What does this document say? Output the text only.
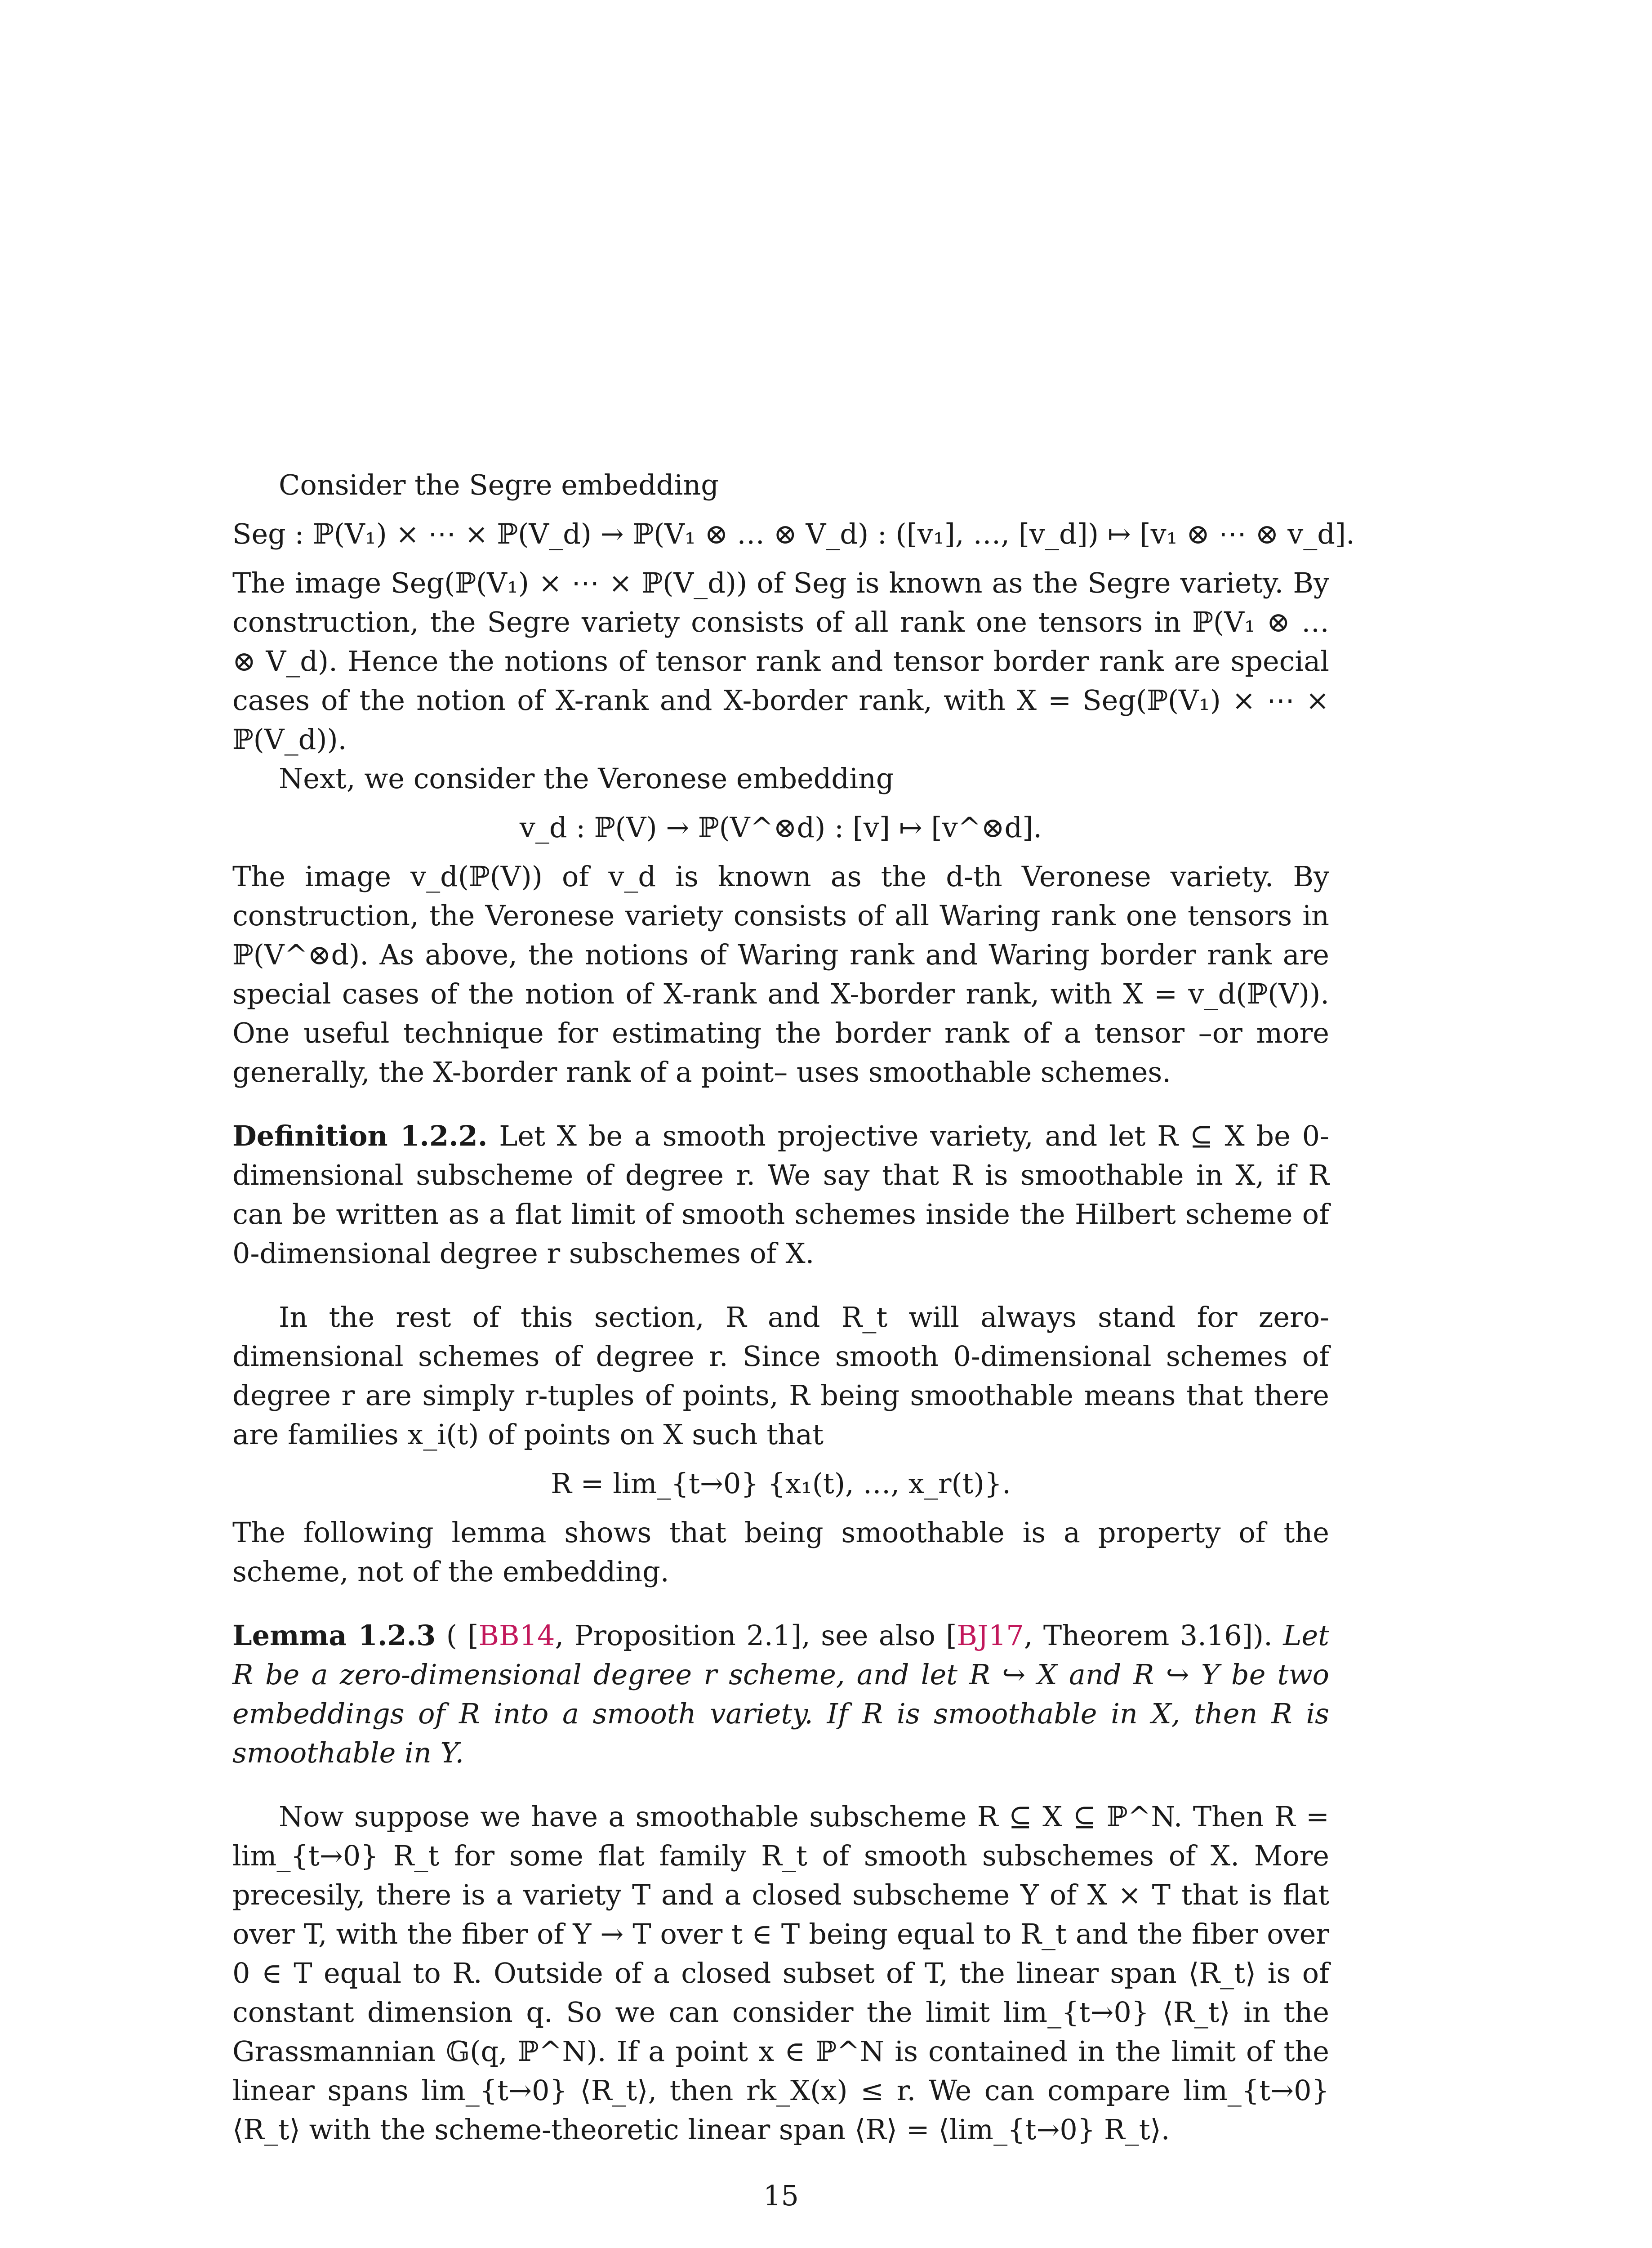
Consider the Segre embedding

Seg : ℙ(V₁) × ⋯ × ℙ(V_d) → ℙ(V₁ ⊗ … ⊗ V_d) : ([v₁], …, [v_d]) ↦ [v₁ ⊗ ⋯ ⊗ v_d].

The image Seg(ℙ(V₁) × ⋯ × ℙ(V_d)) of Seg is known as the Segre variety. By construction, the Segre variety consists of all rank one tensors in ℙ(V₁ ⊗ … ⊗ V_d). Hence the notions of tensor rank and tensor border rank are special cases of the notion of X-rank and X-border rank, with X = Seg(ℙ(V₁) × ⋯ × ℙ(V_d)).

Next, we consider the Veronese embedding

v_d : ℙ(V) → ℙ(V^⊗d) : [v] ↦ [v^⊗d].

The image v_d(ℙ(V)) of v_d is known as the d-th Veronese variety. By construction, the Veronese variety consists of all Waring rank one tensors in ℙ(V^⊗d). As above, the notions of Waring rank and Waring border rank are special cases of the notion of X-rank and X-border rank, with X = v_d(ℙ(V)). One useful technique for estimating the border rank of a tensor –or more generally, the X-border rank of a point– uses smoothable schemes.

Definition 1.2.2. Let X be a smooth projective variety, and let R ⊆ X be 0-dimensional subscheme of degree r. We say that R is smoothable in X, if R can be written as a flat limit of smooth schemes inside the Hilbert scheme of 0-dimensional degree r subschemes of X.

In the rest of this section, R and R_t will always stand for zero-dimensional schemes of degree r. Since smooth 0-dimensional schemes of degree r are simply r-tuples of points, R being smoothable means that there are families x_i(t) of points on X such that

R = lim_{t→0} {x₁(t), …, x_r(t)}.

The following lemma shows that being smoothable is a property of the scheme, not of the embedding.

Lemma 1.2.3 ( [BB14, Proposition 2.1], see also [BJ17, Theorem 3.16]). Let R be a zero-dimensional degree r scheme, and let R ↪ X and R ↪ Y be two embeddings of R into a smooth variety. If R is smoothable in X, then R is smoothable in Y.

Now suppose we have a smoothable subscheme R ⊆ X ⊆ ℙ^N. Then R = lim_{t→0} R_t for some flat family R_t of smooth subschemes of X. More precesily, there is a variety T and a closed subscheme Y of X × T that is flat over T, with the fiber of Y → T over t ∈ T being equal to R_t and the fiber over 0 ∈ T equal to R. Outside of a closed subset of T, the linear span ⟨R_t⟩ is of constant dimension q. So we can consider the limit lim_{t→0} ⟨R_t⟩ in the Grassmannian 𝔾(q, ℙ^N). If a point x ∈ ℙ^N is contained in the limit of the linear spans lim_{t→0} ⟨R_t⟩, then rk_X(x) ≤ r. We can compare lim_{t→0} ⟨R_t⟩ with the scheme-theoretic linear span ⟨R⟩ = ⟨lim_{t→0} R_t⟩.

15
